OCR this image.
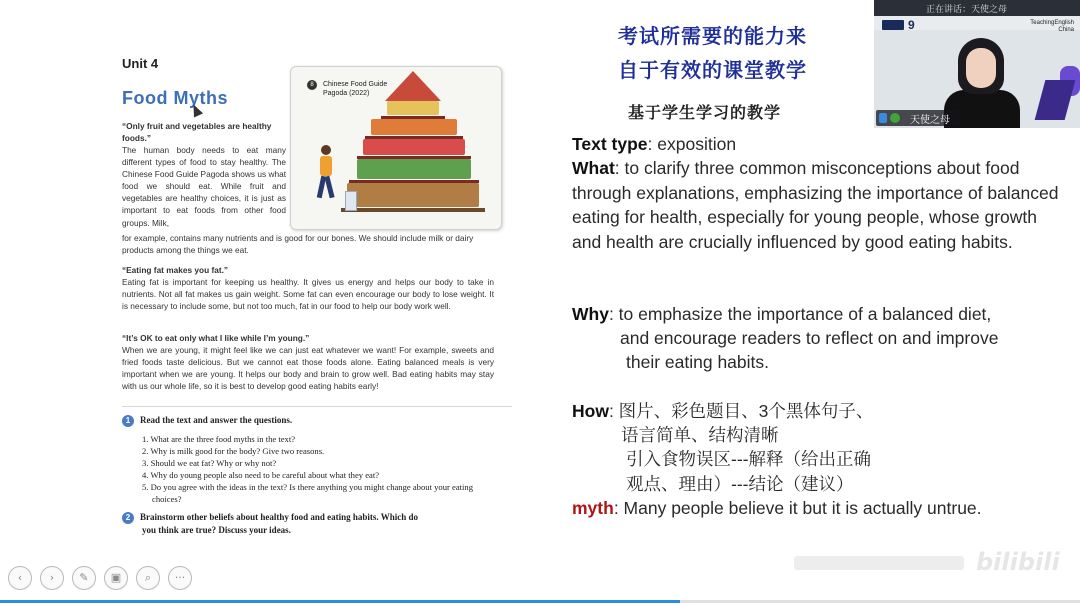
Unit 4
Food Myths
“Only fruit and vegetables are healthy foods.”
The human body needs to eat many different types of food to stay healthy. The Chinese Food Guide Pagoda shows us what food we should eat. While fruit and vegetables are healthy choices, it is just as important to eat foods from other food groups. Milk,
for example, contains many nutrients and is good for our bones. We should include milk or dairy products among the things we eat.
“Eating fat makes you fat.”
Eating fat is important for keeping us healthy. It gives us energy and helps our body to take in nutrients. Not all fat makes us gain weight. Some fat can even encourage our body to lose weight. It is necessary to include some, but not too much, fat in our food to help our body work well.
“It’s OK to eat only what I like while I’m young.”
When we are young, it might feel like we can just eat whatever we want! For example, sweets and fried foods taste delicious. But we cannot eat those foods alone. Eating balanced meals is very important when we are young. It helps our body and brain to grow well. Bad eating habits may stay with us our whole life, so it is best to develop good eating habits early!
1 Read the text and answer the questions.
1. What are the three food myths in the text?
2. Why is milk good for the body? Give two reasons.
3. Should we eat fat? Why or why not?
4. Why do young people also need to be careful about what they eat?
5. Do you agree with the ideas in the text? Is there anything you might change about your eating choices?
2 Brainstorm other beliefs about healthy food and eating habits. Which do
you think are true? Discuss your ideas.
8	Chinese Food Guide Pagoda (2022)
考试所需要的能力来
自于有效的课堂教学
基于学生学习的教学
Text type: exposition
What: to clarify three common misconceptions about food through explanations, emphasizing the importance of balanced eating for health, especially for young people, whose growth and health are crucially influenced by good eating habits.
Why: to emphasize the importance of a balanced diet,
and encourage readers to reflect on and improve
their eating habits.
How: 图片、彩色题目、3个黑体句子、
语言简单、结构清晰
引入食物误区---解释（给出正确
观点、理由）---结论（建议）
myth: Many people believe it but it is actually untrue.
正在讲话：天使之母
9	TeachingEnglish China
天使之母
‹	›	✎	▣	⌕	···
bilibili
